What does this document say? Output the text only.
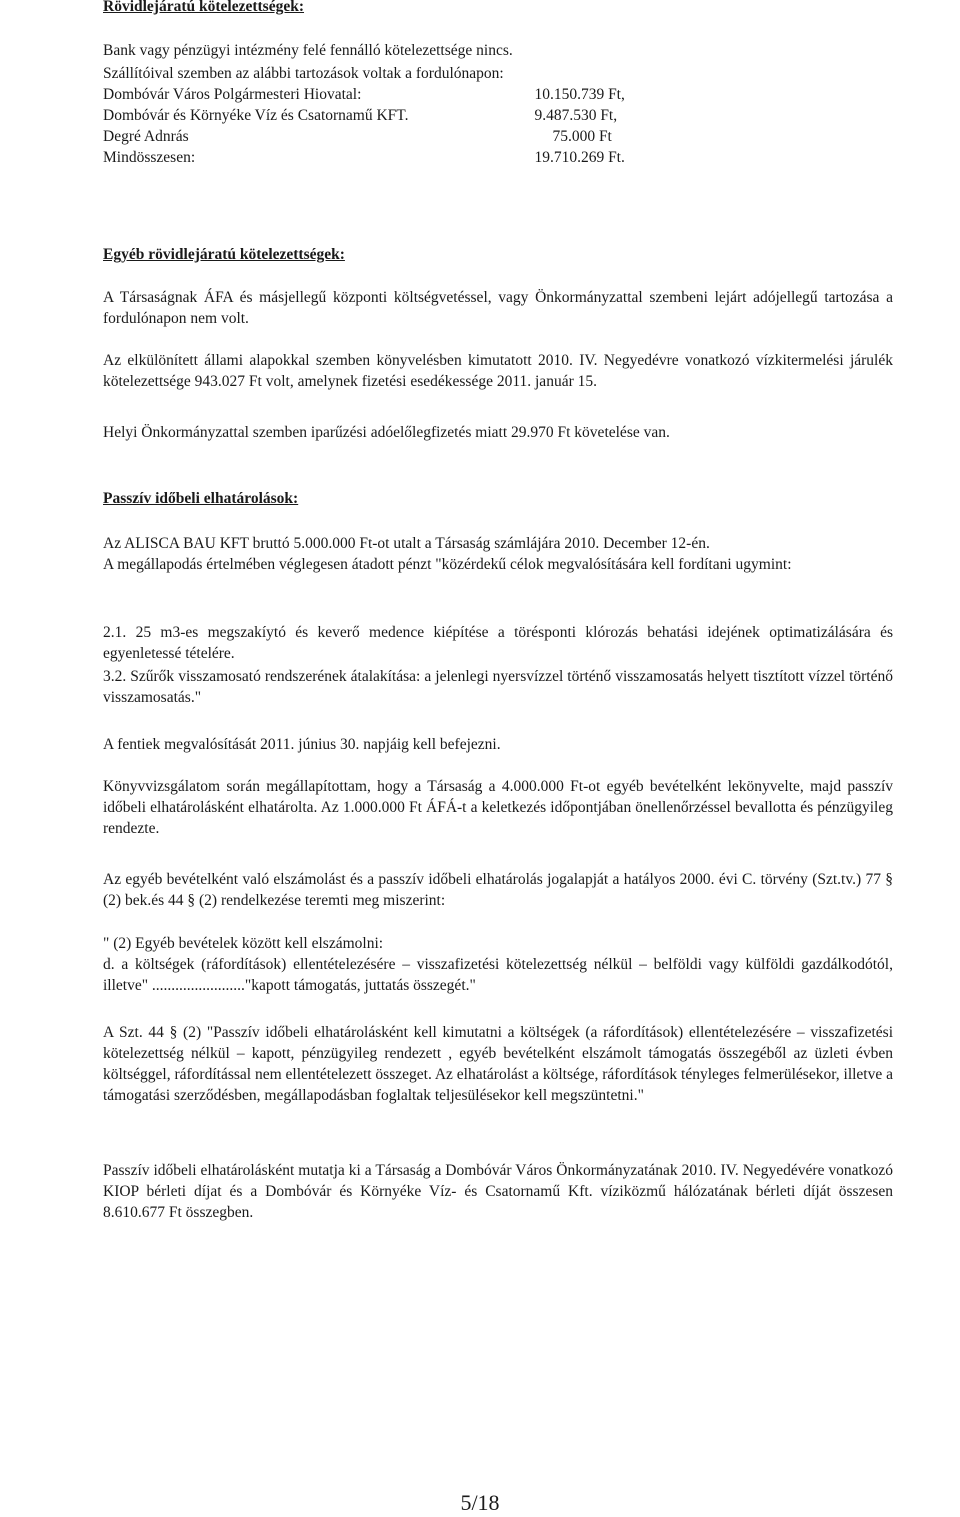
Rövidlejáratú kötelezettségek:

Bank vagy pénzügyi intézmény felé fennálló kötelezettsége nincs.

Szállítóival szemben az alábbi tartozások voltak a fordulónapon:

Dombóvár Város Polgármesteri Hiovatal:	10.150.739 Ft,
Dombóvár és Környéke Víz és Csatornamű KFT.	9.487.530 Ft,
Degré Adnrás	75.000 Ft
Mindösszesen:	19.710.269 Ft.

Egyéb rövidlejáratú kötelezettségek:

A Társaságnak ÁFA és másjellegű központi költségvetéssel, vagy Önkormányzattal szembeni lejárt adójellegű tartozása a fordulónapon nem volt.

Az elkülönített állami alapokkal szemben könyvelésben kimutatott 2010. IV. Negyedévre vonatkozó vízkitermelési járulék kötelezettsége 943.027 Ft volt, amelynek fizetési esedékessége 2011. január 15.

Helyi Önkormányzattal szemben iparűzési adóelőlegfizetés miatt 29.970 Ft követelése van.

Passzív időbeli elhatárolások:

Az ALISCA BAU KFT bruttó 5.000.000 Ft-ot utalt a Társaság számlájára 2010. December 12-én.
A megállapodás értelmében véglegesen átadott pénzt "közérdekű célok megvalósítására kell fordítani ugymint:

2.1. 25 m3-es megszakíytó és keverő medence kiépítése a törésponti klórozás behatási idejének optimatizálására és egyenletessé tételére.

3.2. Szűrők visszamosató rendszerének átalakítása: a jelenlegi nyersvízzel történő visszamosatás helyett tisztított vízzel történő visszamosatás."

A fentiek megvalósítását 2011. június 30. napjáig kell befejezni.

Könyvvizsgálatom során megállapítottam, hogy a Társaság a 4.000.000 Ft-ot egyéb bevételként lekönyvelte, majd passzív időbeli elhatárolásként elhatárolta. Az 1.000.000 Ft ÁFÁ-t a keletkezés időpontjában önellenőrzéssel bevallotta és pénzügyileg rendezte.

Az egyéb bevételként való elszámolást és a passzív időbeli elhatárolás jogalapját a hatályos 2000. évi C. törvény (Szt.tv.) 77 § (2) bek.és 44 § (2) rendelkezése teremti meg miszerint:

" (2) Egyéb bevételek között kell elszámolni:
d. a költségek (ráfordítások) ellentételezésére – visszafizetési kötelezettség nélkül – belföldi vagy külföldi gazdálkodótól, illetve" ........................"kapott támogatás, juttatás összegét."

A Szt. 44 § (2) "Passzív időbeli elhatárolásként kell kimutatni a költségek (a ráfordítások) ellentételezésére – visszafizetési kötelezettség nélkül – kapott, pénzügyileg rendezett , egyéb bevételként elszámolt támogatás összegéből az üzleti évben költséggel, ráfordítással nem ellentételezett összeget. Az elhatárolást a költsége, ráfordítások tényleges felmerülésekor, illetve a támogatási szerződésben, megállapodásban foglaltak teljesülésekor kell megszüntetni."

Passzív időbeli elhatárolásként mutatja ki a Társaság a Dombóvár Város Önkormányzatának 2010. IV. Negyedévére vonatkozó KIOP bérleti díjat és a Dombóvár és Környéke Víz- és Csatornamű Kft. víziközmű hálózatának bérleti díját összesen 8.610.677 Ft összegben.

5/18
